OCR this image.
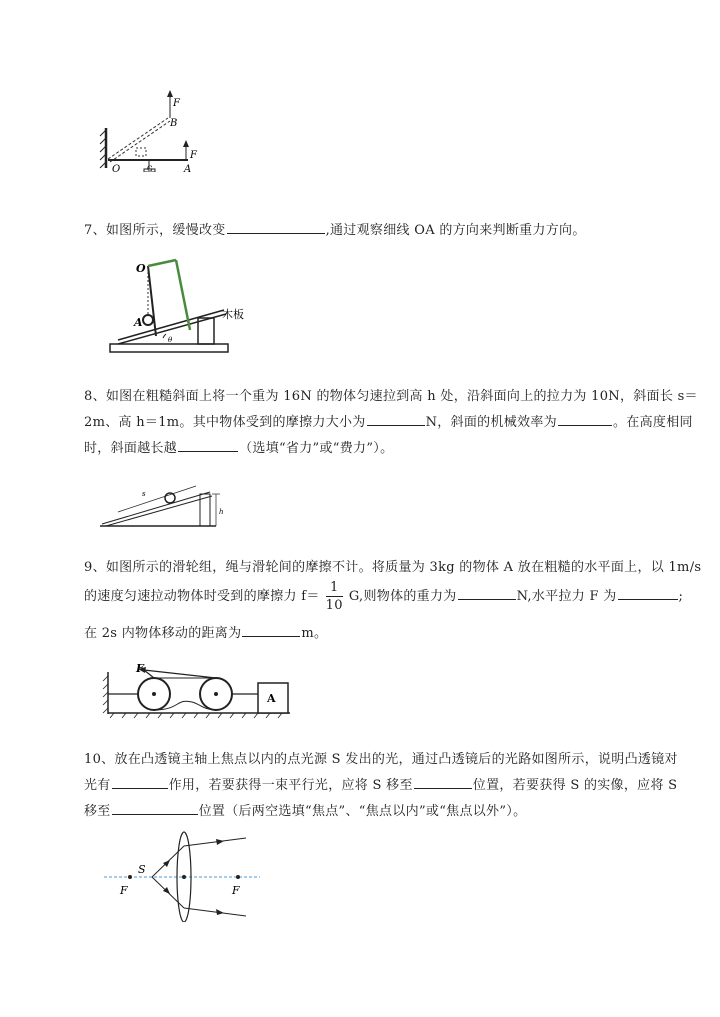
F
B
F
O	A
G
7、如图所示，缓慢改变	,通过观察细线 OA 的方向来判断重力方向。
O
A
木板
θ
8、如图在粗糙斜面上将一个重为 16N 的物体匀速拉到高 h 处，沿斜面向上的拉力为 10N，斜面长 s＝
2m、高 h＝1m。其中物体受到的摩擦力大小为	N，斜面的机械效率为	。在高度相同
时，斜面越长越	（选填“省力”或“费力”）。
s
h
9、如图所示的滑轮组，绳与滑轮间的摩擦不计。将质量为 3kg 的物体 A 放在粗糙的水平面上，以 1m/s
的速度匀速拉动物体时受到的摩擦力 $f= \frac{1}{10} G$,则物体的重力为	N,水平拉力 F 为	;
在 2s 内物体移动的距离为	m。
F
A
10、放在凸透镜主轴上焦点以内的点光源 S 发出的光，通过凸透镜后的光路如图所示，说明凸透镜对
光有	作用，若要获得一束平行光，应将 S 移至	位置，若要获得 S 的实像，应将 S
移至	位置（后两空选填“焦点”、“焦点以内”或“焦点以外”）。
S
F	F
